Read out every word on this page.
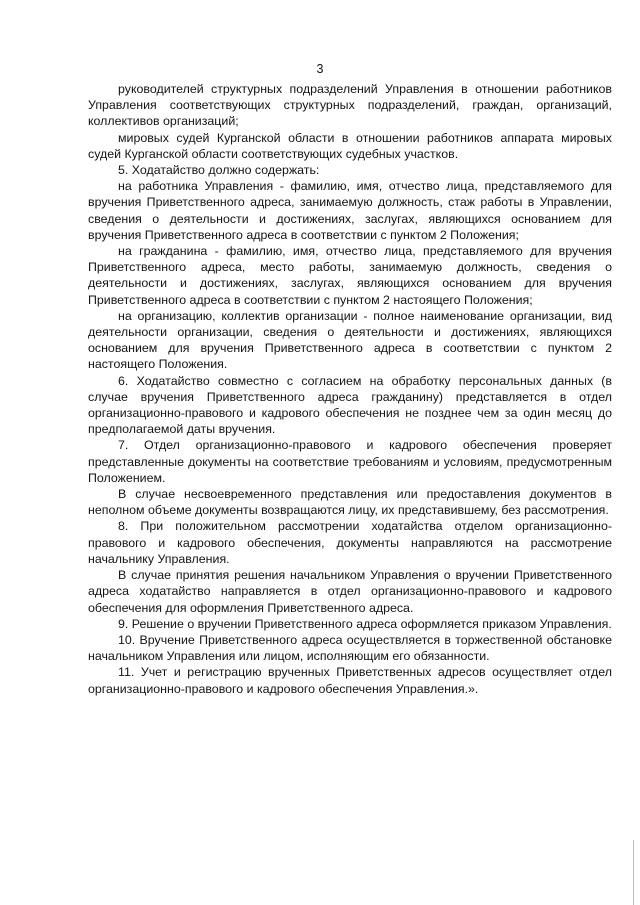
3

руководителей структурных подразделений Управления в отношении работников Управления соответствующих структурных подразделений, граждан, организаций, коллективов организаций;

мировых судей Курганской области в отношении работников аппарата мировых судей Курганской области соответствующих судебных участков.

5. Ходатайство должно содержать:

на работника Управления - фамилию, имя, отчество лица, представляемого для вручения Приветственного адреса, занимаемую должность, стаж работы в Управлении, сведения о деятельности и достижениях, заслугах, являющихся основанием для вручения Приветственного адреса в соответствии с пунктом 2 Положения;

на гражданина - фамилию, имя, отчество лица, представляемого для вручения Приветственного адреса, место работы, занимаемую должность, сведения о деятельности и достижениях, заслугах, являющихся основанием для вручения Приветственного адреса в соответствии с пунктом 2 настоящего Положения;

на организацию, коллектив организации - полное наименование организации, вид деятельности организации, сведения о деятельности и достижениях, являющихся основанием для вручения Приветственного адреса в соответствии с пунктом 2 настоящего Положения.

6. Ходатайство совместно с согласием на обработку персональных данных (в случае вручения Приветственного адреса гражданину) представляется в отдел организационно-правового и кадрового обеспечения не позднее чем за один месяц до предполагаемой даты вручения.

7. Отдел организационно-правового и кадрового обеспечения проверяет представленные документы на соответствие требованиям и условиям, предусмотренным Положением.

В случае несвоевременного представления или предоставления документов в неполном объеме документы возвращаются лицу, их представившему, без рассмотрения.

8. При положительном рассмотрении ходатайства отделом организационно-правового и кадрового обеспечения, документы направляются на рассмотрение начальнику Управления.

В случае принятия решения начальником Управления о вручении Приветственного адреса ходатайство направляется в отдел организационно-правового и кадрового обеспечения для оформления Приветственного адреса.

9. Решение о вручении Приветственного адреса оформляется приказом Управления.

10. Вручение Приветственного адреса осуществляется в торжественной обстановке начальником Управления или лицом, исполняющим его обязанности.

11. Учет и регистрацию врученных Приветственных адресов осуществляет отдел организационно-правового и кадрового обеспечения Управления.».
